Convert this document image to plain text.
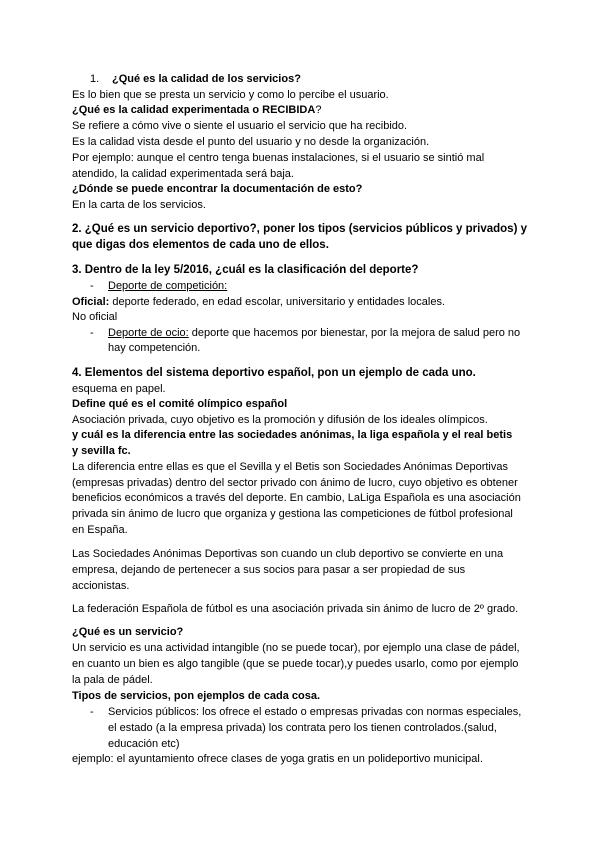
1. ¿Qué es la calidad de los servicios?
Es lo bien que se presta un servicio y como lo percibe el usuario.
¿Qué es la calidad experimentada o RECIBIDA?
Se refiere a cómo vive o siente el usuario el servicio que ha recibido.
Es la calidad vista desde el punto del usuario y no desde la organización.
Por ejemplo: aunque el centro tenga buenas instalaciones, si el usuario se sintió mal
atendido, la calidad experimentada será baja.
¿Dónde se puede encontrar la documentación de esto?
En la carta de los servicios.
2. ¿Qué es un servicio deportivo?, poner los tipos (servicios públicos y privados) y
que digas dos elementos de cada uno de ellos.
3. Dentro de la ley 5/2016, ¿cuál es la clasificación del deporte?
- Deporte de competición:
Oficial: deporte federado, en edad escolar, universitario y entidades locales.
No oficial
- Deporte de ocio: deporte que hacemos por bienestar, por la mejora de salud pero no
hay competención.
4. Elementos del sistema deportivo español, pon un ejemplo de cada uno.
esquema en papel.
Define qué es el comité olímpico español
Asociación privada, cuyo objetivo es la promoción y difusión de los ideales olímpicos.
y cuál es la diferencia entre las sociedades anónimas, la liga española y el real betis
y sevilla fc.
La diferencia entre ellas es que el Sevilla y el Betis son Sociedades Anónimas Deportivas
(empresas privadas) dentro del sector privado con ánimo de lucro, cuyo objetivo es obtener
beneficios económicos a través del deporte. En cambio, LaLiga Española es una asociación
privada sin ánimo de lucro que organiza y gestiona las competiciones de fútbol profesional
en España.
Las Sociedades Anónimas Deportivas son cuando un club deportivo se convierte en una
empresa, dejando de pertenecer a sus socios para pasar a ser propiedad de sus
accionistas.
La federación Española de fútbol es una asociación privada sin ánimo de lucro de 2º grado.
¿Qué es un servicio?
Un servicio es una actividad intangible (no se puede tocar), por ejemplo una clase de pádel,
en cuanto un bien es algo tangible (que se puede tocar),y puedes usarlo, como por ejemplo
la pala de pádel.
Tipos de servicios, pon ejemplos de cada cosa.
- Servicios públicos: los ofrece el estado o empresas privadas con normas especiales,
el estado (a la empresa privada) los contrata pero los tienen controlados.(salud,
educación etc)
ejemplo: el ayuntamiento ofrece clases de yoga gratis en un polideportivo municipal.
